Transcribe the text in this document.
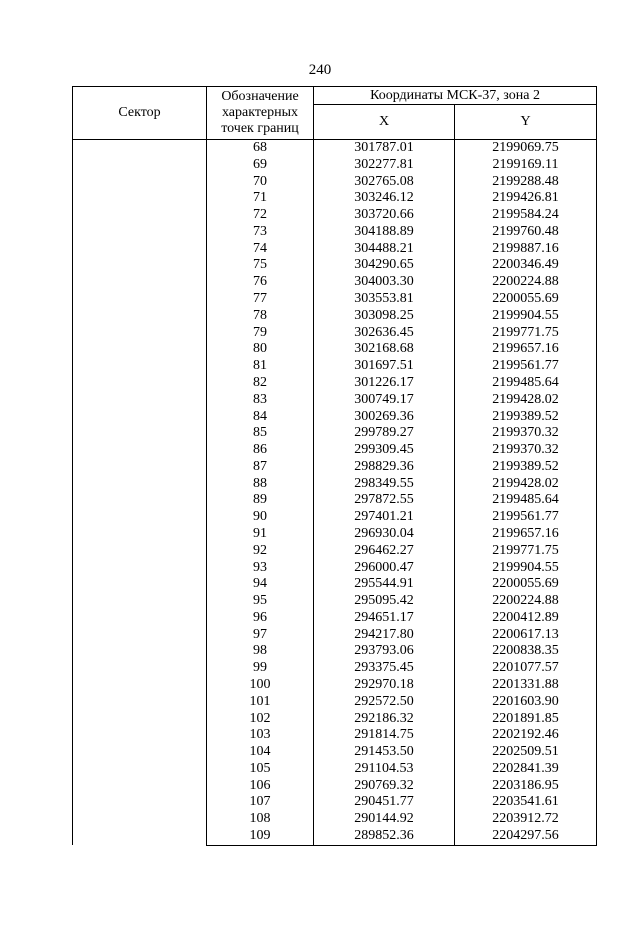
240
Сектор	Обозначение
характерных
точек границ	Координаты МСК-37, зона 2	
		X	Y
	68	301787.01	2199069.75
	69	302277.81	2199169.11
	70	302765.08	2199288.48
	71	303246.12	2199426.81
	72	303720.66	2199584.24
	73	304188.89	2199760.48
	74	304488.21	2199887.16
	75	304290.65	2200346.49
	76	304003.30	2200224.88
	77	303553.81	2200055.69
	78	303098.25	2199904.55
	79	302636.45	2199771.75
	80	302168.68	2199657.16
	81	301697.51	2199561.77
	82	301226.17	2199485.64
	83	300749.17	2199428.02
	84	300269.36	2199389.52
	85	299789.27	2199370.32
	86	299309.45	2199370.32
	87	298829.36	2199389.52
	88	298349.55	2199428.02
	89	297872.55	2199485.64
	90	297401.21	2199561.77
	91	296930.04	2199657.16
	92	296462.27	2199771.75
	93	296000.47	2199904.55
	94	295544.91	2200055.69
	95	295095.42	2200224.88
	96	294651.17	2200412.89
	97	294217.80	2200617.13
	98	293793.06	2200838.35
	99	293375.45	2201077.57
	100	292970.18	2201331.88
	101	292572.50	2201603.90
	102	292186.32	2201891.85
	103	291814.75	2202192.46
	104	291453.50	2202509.51
	105	291104.53	2202841.39
	106	290769.32	2203186.95
	107	290451.77	2203541.61
	108	290144.92	2203912.72
	109	289852.36	2204297.56
